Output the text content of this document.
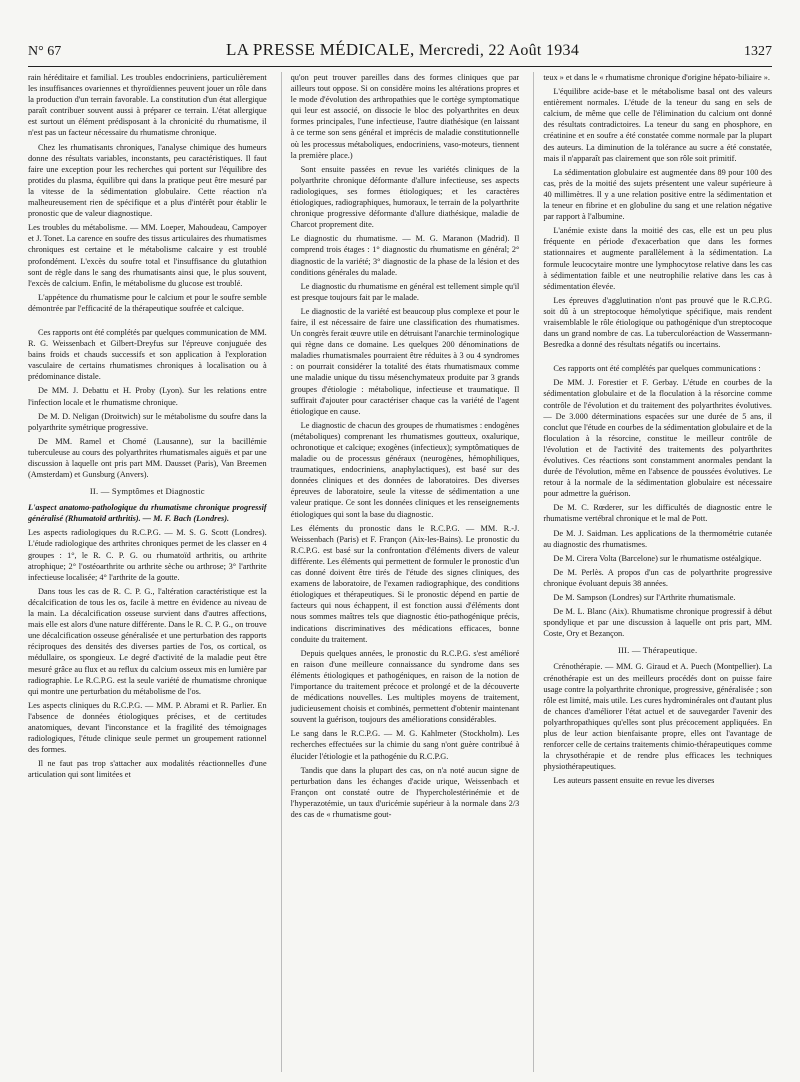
N° 67	LA PRESSE MÉDICALE, Mercredi, 22 Août 1934	1327

rain héréditaire et familial. Les troubles endocriniens, particulièrement les insuffisances ovariennes et thyroïdiennes peuvent jouer un rôle dans la production d'un terrain favorable. La constitution d'un état allergique paraît contribuer souvent aussi à préparer ce terrain. L'état allergique est surtout un élément prédisposant à la chronicité du rhumatisme, il n'est pas un facteur nécessaire du rhumatisme chronique.

Chez les rhumatisants chroniques, l'analyse chimique des humeurs donne des résultats variables, inconstants, peu caractéristiques. Il faut faire une exception pour les recherches qui portent sur l'équilibre des protides du plasma, équilibre qui dans la pratique peut être mesuré par la vitesse de la sédimentation globulaire. Cette réaction n'a malheureusement rien de spécifique et a plus d'intérêt pour établir le pronostic que de valeur diagnostique.

Les troubles du métabolisme. — MM. Loeper, Mahoudeau, Campoyer et J. Tonet. La carence en soufre des tissus articulaires des rhumatismes chroniques est certaine et le métabolisme calcaire y est troublé profondément. L'excès du soufre total et l'insuffisance du glutathion sont de règle dans le sang des rhumatisants ainsi que, le plus souvent, l'excès de calcium. Enfin, le métabolisme du glucose est troublé.

L'appétence du rhumatisme pour le calcium et pour le soufre semble démontrée par l'efficacité de la thérapeutique soufrée et calcique.

Ces rapports ont été complétés par quelques communication de MM. R. G. Weissenbach et Gilbert-Dreyfus sur l'épreuve conjuguée des bains froids et chauds successifs et son application à l'exploration vasculaire de certains rhumatismes chroniques à localisation ou à prédominance distale.

De MM. J. Debattu et H. Proby (Lyon). Sur les relations entre l'infection locale et le rhumatisme chronique.

De M. D. Neligan (Droitwich) sur le métabolisme du soufre dans la polyarthrite symétrique progressive.

De MM. Ramel et Chomé (Lausanne), sur la bacillémie tuberculeuse au cours des polyarthrites rhumatismales aiguës et par une discussion à laquelle ont pris part MM. Dausset (Paris), Van Breemen (Amsterdam) et Gunsburg (Anvers).

II. — Symptômes et Diagnostic

L'aspect anatomo-pathologique du rhumatisme chronique progressif généralisé (Rhumatoïd arthritis). — M. F. Bach (Londres).

Les aspects radiologiques du R.C.P.G. — M. S. G. Scott (Londres). L'étude radiologique des arthrites chroniques permet de les classer en 4 groupes : 1°, le R. C. P. G. ou rhumatoïd arthritis, ou arthrite atrophique; 2° l'ostéoarthrite ou arthrite sèche ou arthrose; 3° l'arthrite infectieuse localisée; 4° l'arthrite de la goutte.

Dans tous les cas de R. C. P. G., l'altération caractéristique est la décalcification de tous les os, facile à mettre en évidence au niveau de la main. La décalcification osseuse survient dans d'autres affections, mais elle est alors d'une nature différente. Dans le R. C. P. G., on trouve une décalcification osseuse généralisée et une perturbation des rapports réciproques des densités des diverses parties de l'os, os cortical, os médullaire, os spongieux. Le degré d'activité de la maladie peut être mesuré grâce au flux et au reflux du calcium osseux mis en lumière par radiographie. Le R.C.P.G. est la seule variété de rhumatisme chronique qui montre une perturbation du métabolisme de l'os.

Les aspects cliniques du R.C.P.G. — MM. P. Abrami et R. Parlier. En l'absence de données étiologiques précises, et de certitudes anatomiques, devant l'inconstance et la fragilité des témoignages radiologiques, l'étude clinique seule permet un groupement rationnel des formes.

Il ne faut pas trop s'attacher aux modalités réactionnelles d'une articulation qui sont limitées et

qu'on peut trouver pareilles dans des formes cliniques que par ailleurs tout oppose. Si on considère moins les altérations propres et le mode d'évolution des arthropathies que le cortège symptomatique qui leur est associé, on dissocie le bloc des polyarthrites en deux formes principales, l'une infectieuse, l'autre diathésique (en laissant à ce terme son sens général et imprécis de maladie constitutionnelle où les processus métaboliques, endocriniens, vaso-moteurs, tiennent la première place.)

Sont ensuite passées en revue les variétés cliniques de la polyarthrite chronique déformante d'allure infectieuse, ses aspects radiologiques, ses formes étiologiques; et les caractères étiologiques, radiographiques, humoraux, le terrain de la polyarthrite chronique progressive déformante d'allure diathésique, maladie de Charcot proprement dite.

Le diagnostic du rhumatisme. — M. G. Maranon (Madrid). Il comprend trois étages : 1° diagnostic du rhumatisme en général; 2° diagnostic de la variété; 3° diagnostic de la phase de la lésion et des conditions générales du malade.

Le diagnostic du rhumatisme en général est tellement simple qu'il est presque toujours fait par le malade.

Le diagnostic de la variété est beaucoup plus complexe et pour le faire, il est nécessaire de faire une classification des rhumatismes. Un congrès ferait œuvre utile en détruisant l'anarchie terminologique qui règne dans ce domaine. Les quelques 200 dénominations de maladies rhumatismales pourraient être réduites à 3 ou 4 syndromes : on pourrait considérer la totalité des états rhumatismaux comme une maladie unique du tissu mésenchymateux produite par 3 grands groupes d'étiologie : métabolique, infectieuse et traumatique. Il suffirait d'ajouter pour caractériser chaque cas la variété de l'agent étiologique en cause.

Le diagnostic de chacun des groupes de rhumatismes : endogènes (métaboliques) comprenant les rhumatismes goutteux, oxalurique, ochronotique et calcique; exogènes (infectieux); symptômatiques de maladie ou de processus généraux (neurogènes, hémophiliques, traumatiques, endocriniens, anaphylactiques), est basé sur des données cliniques et des données de laboratoires. Des diverses épreuves de laboratoire, seule la vitesse de sédimentation a une valeur pratique. Ce sont les données cliniques et les renseignements étiologiques qui sont la base du diagnostic.

Les éléments du pronostic dans le R.C.P.G. — MM. R.-J. Weissenbach (Paris) et F. Françon (Aix-les-Bains). Le pronostic du R.C.P.G. est basé sur la confrontation d'éléments divers de valeur différente. Les éléments qui permettent de formuler le pronostic d'un cas donné doivent être tirés de l'étude des signes cliniques, des examens de laboratoire, de l'examen radiographique, des conditions étiologiques et thérapeutiques. Si le pronostic dépend en partie de facteurs qui nous échappent, il est fonction aussi d'éléments dont nous sommes maîtres tels que diagnostic étio-pathogénique précis, indications discriminatives des médications efficaces, bonne conduite du traitement.

Depuis quelques années, le pronostic du R.C.P.G. s'est amélioré en raison d'une meilleure connaissance du syndrome dans ses éléments étiologiques et pathogéniques, en raison de la notion de l'importance du traitement précoce et prolongé et de la découverte de médications nouvelles. Les multiples moyens de traitement, judicieusement choisis et combinés, permettent d'obtenir maintenant souvent la guérison, toujours des améliorations considérables.

Le sang dans le R.C.P.G. — M. G. Kahlmeter (Stockholm). Les recherches effectuées sur la chimie du sang n'ont guère contribué à élucider l'étiologie et la pathogénie du R.C.P.G.

Tandis que dans la plupart des cas, on n'a noté aucun signe de perturbation dans les échanges d'acide urique, Weissenbach et Françon ont constaté outre de l'hypercholestérinémie et de l'hyperazotémie, un taux d'uricémie supérieur à la normale dans 2/3 des cas de « rhumatisme gout-

teux » et dans le « rhumatisme chronique d'origine hépato-biliaire ».

L'équilibre acide-base et le métabolisme basal ont des valeurs entièrement normales. L'étude de la teneur du sang en sels de calcium, de même que celle de l'élimination du calcium ont donné des résultats contradictoires. La teneur du sang en phosphore, en créatinine et en soufre a été constatée comme normale par la plupart des auteurs. La diminution de la tolérance au sucre a été constatée, mais il n'apparaît pas clairement que son rôle soit primitif.

La sédimentation globulaire est augmentée dans 89 pour 100 des cas, près de la moitié des sujets présentent une valeur supérieure à 40 millimètres. Il y a une relation positive entre la sédimentation et la teneur en fibrine et en globuline du sang et une relation négative par rapport à l'albumine.

L'anémie existe dans la moitié des cas, elle est un peu plus fréquente en période d'exacerbation que dans les formes stationnaires et augmente parallèlement à la sédimentation. La formule leucocytaire montre une lymphocytose relative dans les cas à sédimentation faible et une neutrophilie relative dans les cas à sédimentation élevée.

Les épreuves d'agglutination n'ont pas prouvé que le R.C.P.G. soit dû à un streptocoque hémolytique spécifique, mais rendent vraisemblable le rôle étiologique ou pathogénique d'un streptocoque dans un grand nombre de cas. La tuberculoréaction de Wassermann-Besredka a donné des résultats négatifs ou incertains.

Ces rapports ont été complétés par quelques communications :

De MM. J. Forestier et F. Gerbay. L'étude en courbes de la sédimentation globulaire et de la floculation à la résorcine comme contrôle de l'évolution et du traitement des polyarthrites évolutives. — De 3.000 déterminations espacées sur une durée de 5 ans, il conclut que l'étude en courbes de la sédimentation globulaire et de la floculation à la résorcine, constitue le meilleur contrôle de l'évolution et de l'activité des traitements des polyarthrites évolutives. Ces réactions sont constamment anormales pendant la durée de l'évolution, même en l'absence de poussées évolutives. Le retour à la normale de la sédimentation globulaire est nécessaire pour admettre la guérison.

De M. C. Rœderer, sur les difficultés de diagnostic entre le rhumatisme vertébral chronique et le mal de Pott.

De M. J. Saidman. Les applications de la thermométrie cutanée au diagnostic des rhumatismes.

De M. Cirera Volta (Barcelone) sur le rhumatisme ostéalgique.

De M. Perlès. A propos d'un cas de polyarthrite progressive chronique évoluant depuis 38 années.

De M. Sampson (Londres) sur l'Arthrite rhumatismale.

De M. L. Blanc (Aix). Rhumatisme chronique progressif à début spondylique et par une discussion à laquelle ont pris part, MM. Coste, Ory et Bezançon.

III. — Thérapeutique.

Crénothérapie. — MM. G. Giraud et A. Puech (Montpellier). La crénothérapie est un des meilleurs procédés dont on puisse faire usage contre la polyarthrite chronique, progressive, généralisée ; son rôle est limité, mais utile. Les cures hydrominérales ont d'autant plus de chances d'améliorer l'état actuel et de sauvegarder l'avenir des polyarthropathiques qu'elles sont plus précocement appliquées. En plus de leur action bienfaisante propre, elles ont l'avantage de renforcer celle de certains traitements chimio-thérapeutiques comme la chrysothérapie et de rendre plus efficaces les techniques physiothérapeutiques.

Les auteurs passent ensuite en revue les diverses
